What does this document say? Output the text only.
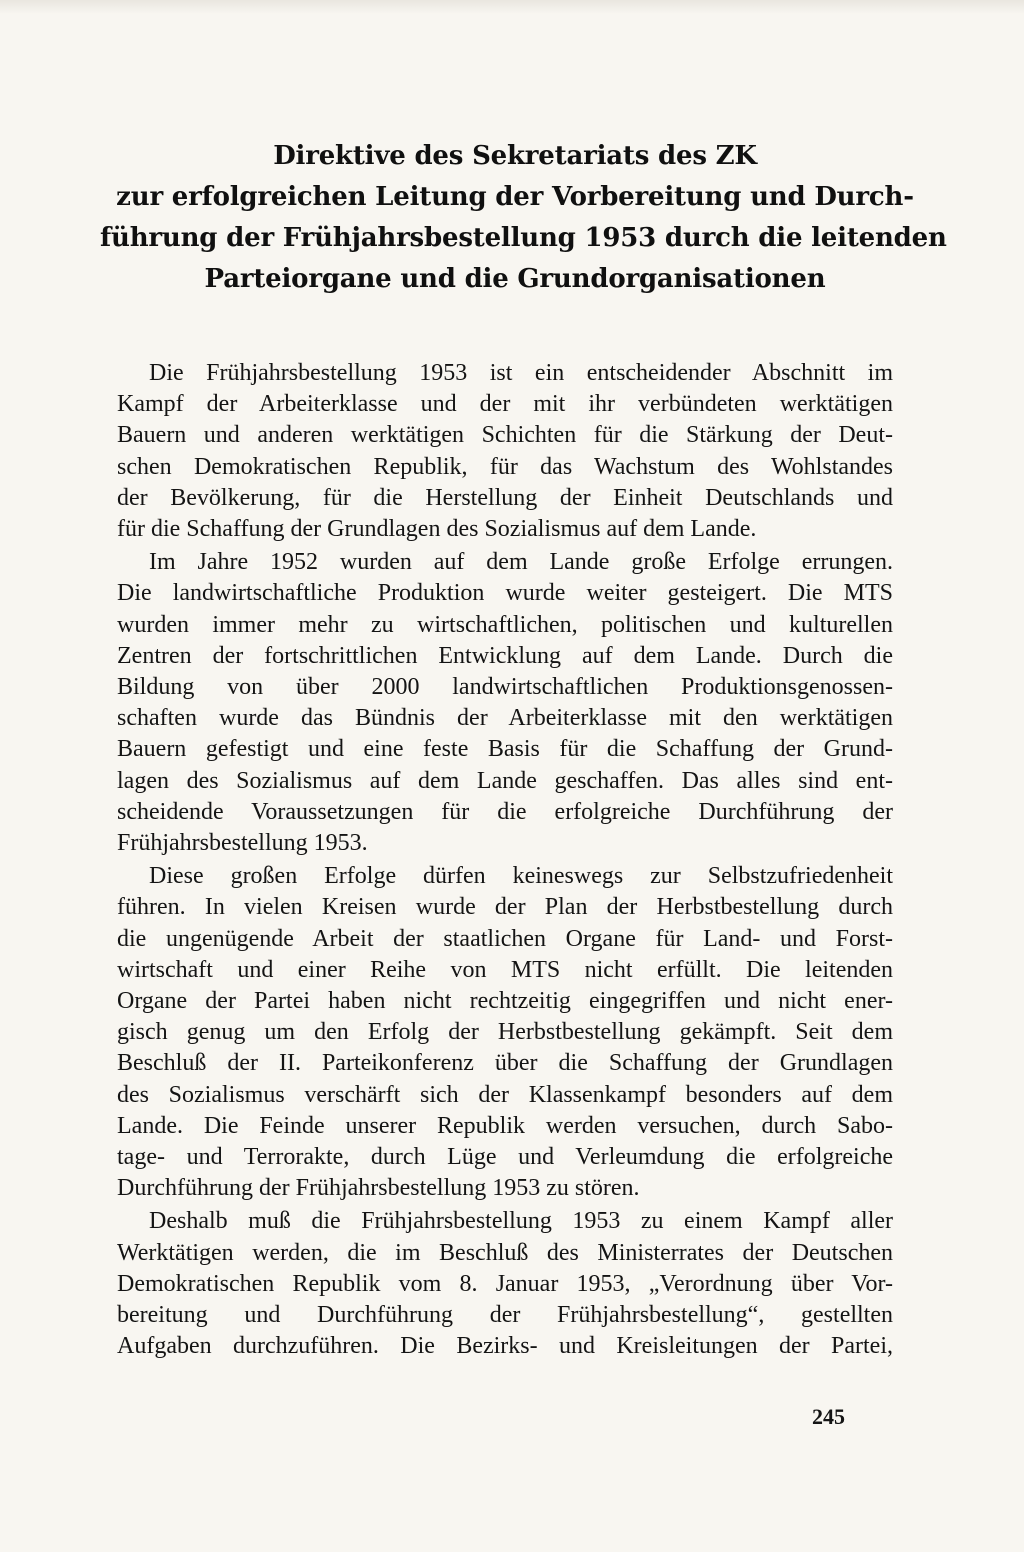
Direktive des Sekretariats des ZK
zur erfolgreichen Leitung der Vorbereitung und Durch-
führung der Frühjahrsbestellung 1953 durch die leitenden
Parteiorgane und die Grundorganisationen
Die Frühjahrsbestellung 1953 ist ein entscheidender Abschnitt im
Kampf der Arbeiterklasse und der mit ihr verbündeten werktätigen
Bauern und anderen werktätigen Schichten für die Stärkung der Deut-
schen Demokratischen Republik, für das Wachstum des Wohlstandes
der Bevölkerung, für die Herstellung der Einheit Deutschlands und
für die Schaffung der Grundlagen des Sozialismus auf dem Lande.
Im Jahre 1952 wurden auf dem Lande große Erfolge errungen.
Die landwirtschaftliche Produktion wurde weiter gesteigert. Die MTS
wurden immer mehr zu wirtschaftlichen, politischen und kulturellen
Zentren der fortschrittlichen Entwicklung auf dem Lande. Durch die
Bildung von über 2000 landwirtschaftlichen Produktionsgenossen-
schaften wurde das Bündnis der Arbeiterklasse mit den werktätigen
Bauern gefestigt und eine feste Basis für die Schaffung der Grund-
lagen des Sozialismus auf dem Lande geschaffen. Das alles sind ent-
scheidende Voraussetzungen für die erfolgreiche Durchführung der
Frühjahrsbestellung 1953.
Diese großen Erfolge dürfen keineswegs zur Selbstzufriedenheit
führen. In vielen Kreisen wurde der Plan der Herbstbestellung durch
die ungenügende Arbeit der staatlichen Organe für Land- und Forst-
wirtschaft und einer Reihe von MTS nicht erfüllt. Die leitenden
Organe der Partei haben nicht rechtzeitig eingegriffen und nicht ener-
gisch genug um den Erfolg der Herbstbestellung gekämpft. Seit dem
Beschluß der II. Parteikonferenz über die Schaffung der Grundlagen
des Sozialismus verschärft sich der Klassenkampf besonders auf dem
Lande. Die Feinde unserer Republik werden versuchen, durch Sabo-
tage- und Terrorakte, durch Lüge und Verleumdung die erfolgreiche
Durchführung der Frühjahrsbestellung 1953 zu stören.
Deshalb muß die Frühjahrsbestellung 1953 zu einem Kampf aller
Werktätigen werden, die im Beschluß des Ministerrates der Deutschen
Demokratischen Republik vom 8. Januar 1953, „Verordnung über Vor-
bereitung und Durchführung der Frühjahrsbestellung“, gestellten
Aufgaben durchzuführen. Die Bezirks- und Kreisleitungen der Partei,
245
